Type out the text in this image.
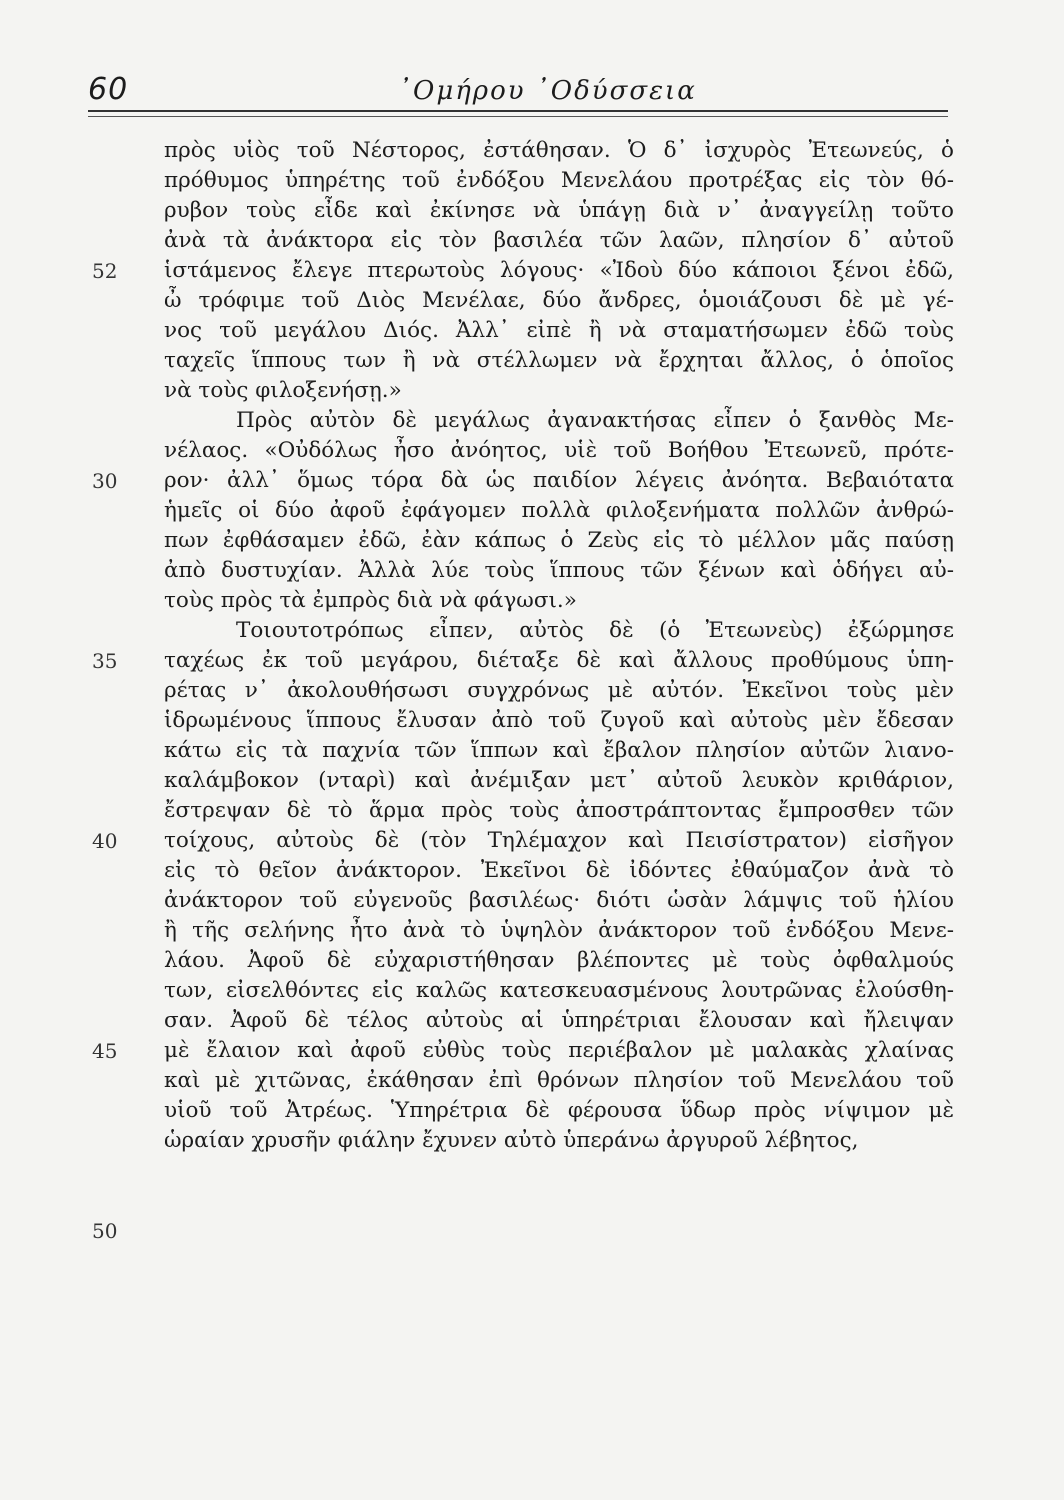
60	᾽Ομήρου ᾽Οδύσσεια
52
30
35
40
45
50
πρὸς υἱὸς τοῦ Νέστορος, ἐστάθησαν. Ὁ δ᾽ ἰσχυρὸς Ἐτεωνεύς, ὁ
πρόθυμος ὑπηρέτης τοῦ ἐνδόξου Μενελάου προτρέξας εἰς τὸν θό-
ρυβον τοὺς εἶδε καὶ ἐκίνησε νὰ ὑπάγῃ διὰ ν᾽ ἀναγγείλῃ τοῦτο
ἀνὰ τὰ ἀνάκτορα εἰς τὸν βασιλέα τῶν λαῶν, πλησίον δ᾽ αὐτοῦ
ἱστάμενος ἔλεγε πτερωτοὺς λόγους· «Ἰδοὺ δύο κάποιοι ξένοι ἐδῶ,
ὦ τρόφιμε τοῦ Διὸς Μενέλαε, δύο ἄνδρες, ὁμοιάζουσι δὲ μὲ γέ-
νος τοῦ μεγάλου Διός. Ἀλλ᾽ εἰπὲ ἢ νὰ σταματήσωμεν ἐδῶ τοὺς
ταχεῖς ἵππους των ἢ νὰ στέλλωμεν νὰ ἔρχηται ἄλλος, ὁ ὁποῖος
νὰ τοὺς φιλοξενήσῃ.»
Πρὸς αὐτὸν δὲ μεγάλως ἀγανακτήσας εἶπεν ὁ ξανθὸς Με-
νέλαος. «Οὐδόλως ἦσο ἀνόητος, υἱὲ τοῦ Βοήθου Ἐτεωνεῦ, πρότε-
ρον· ἀλλ᾽ ὅμως τόρα δὰ ὡς παιδίον λέγεις ἀνόητα. Βεβαιότατα
ἡμεῖς οἱ δύο ἀφοῦ ἐφάγομεν πολλὰ φιλοξενήματα πολλῶν ἀνθρώ-
πων ἐφθάσαμεν ἐδῶ, ἐὰν κάπως ὁ Ζεὺς εἰς τὸ μέλλον μᾶς παύσῃ
ἀπὸ δυστυχίαν. Ἀλλὰ λύε τοὺς ἵππους τῶν ξένων καὶ ὁδήγει αὐ-
τοὺς πρὸς τὰ ἐμπρὸς διὰ νὰ φάγωσι.»
Τοιουτοτρόπως εἶπεν, αὐτὸς δὲ (ὁ Ἐτεωνεὺς) ἐξώρμησε
ταχέως ἐκ τοῦ μεγάρου, διέταξε δὲ καὶ ἄλλους προθύμους ὑπη-
ρέτας ν᾽ ἀκολουθήσωσι συγχρόνως μὲ αὐτόν. Ἐκεῖνοι τοὺς μὲν
ἱδρωμένους ἵππους ἔλυσαν ἀπὸ τοῦ ζυγοῦ καὶ αὐτοὺς μὲν ἔδεσαν
κάτω εἰς τὰ παχνία τῶν ἵππων καὶ ἔβαλον πλησίον αὐτῶν λιανο-
καλάμβοκον (νταρὶ) καὶ ἀνέμιξαν μετ᾽ αὐτοῦ λευκὸν κριθάριον,
ἔστρεψαν δὲ τὸ ἅρμα πρὸς τοὺς ἀποστράπτοντας ἔμπροσθεν τῶν
τοίχους, αὐτοὺς δὲ (τὸν Τηλέμαχον καὶ Πεισίστρατον) εἰσῆγον
εἰς τὸ θεῖον ἀνάκτορον. Ἐκεῖνοι δὲ ἰδόντες ἐθαύμαζον ἀνὰ τὸ
ἀνάκτορον τοῦ εὐγενοῦς βασιλέως· διότι ὡσὰν λάμψις τοῦ ἡλίου
ἢ τῆς σελήνης ἦτο ἀνὰ τὸ ὑψηλὸν ἀνάκτορον τοῦ ἐνδόξου Μενε-
λάου. Ἀφοῦ δὲ εὐχαριστήθησαν βλέποντες μὲ τοὺς ὀφθαλμούς
των, εἰσελθόντες εἰς καλῶς κατεσκευασμένους λουτρῶνας ἐλούσθη-
σαν. Ἀφοῦ δὲ τέλος αὐτοὺς αἱ ὑπηρέτριαι ἔλουσαν καὶ ἤλειψαν
μὲ ἔλαιον καὶ ἀφοῦ εὐθὺς τοὺς περιέβαλον μὲ μαλακὰς χλαίνας
καὶ μὲ χιτῶνας, ἐκάθησαν ἐπὶ θρόνων πλησίον τοῦ Μενελάου τοῦ
υἱοῦ τοῦ Ἀτρέως. Ὑπηρέτρια δὲ φέρουσα ὕδωρ πρὸς νίψιμον μὲ
ὡραίαν χρυσῆν φιάλην ἔχυνεν αὐτὸ ὑπεράνω ἀργυροῦ λέβητος,
